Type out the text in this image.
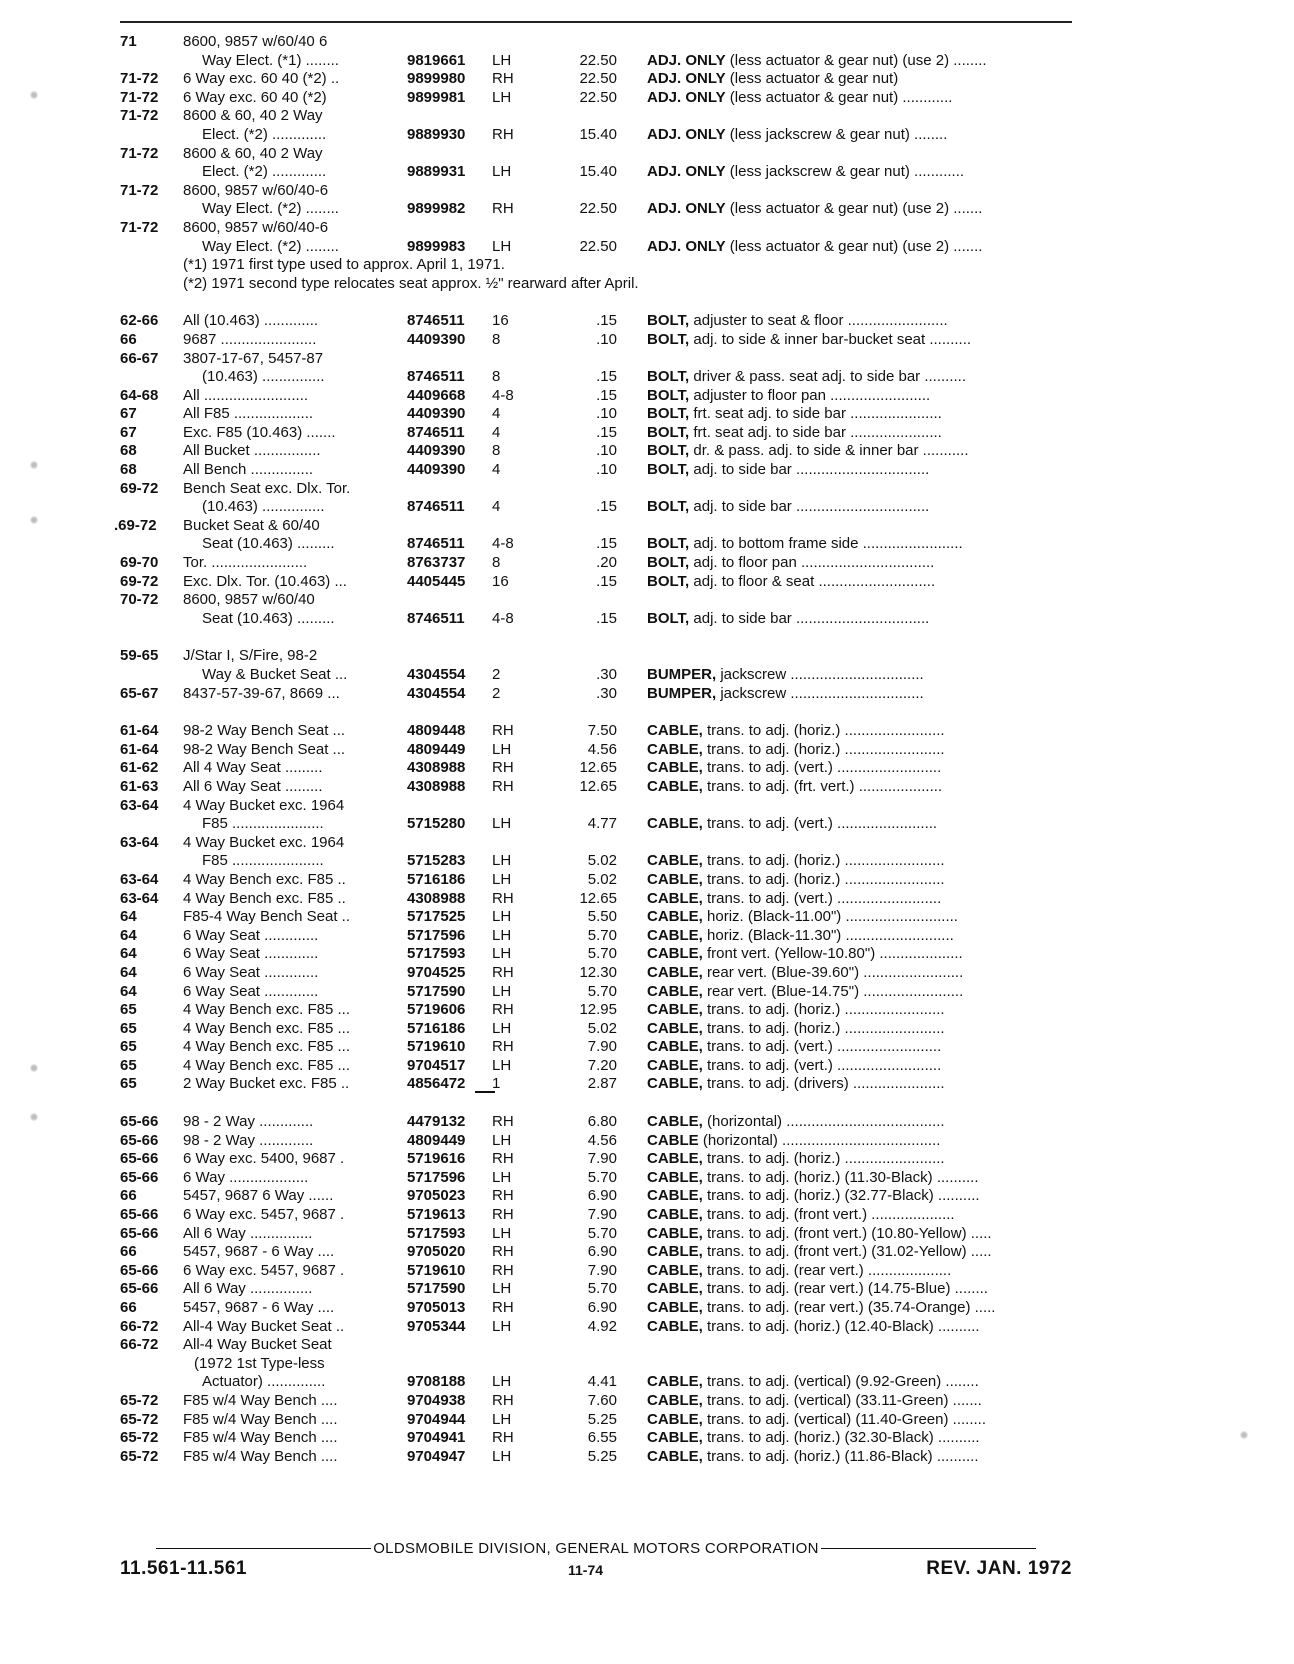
71	8600, 9857 w/60/40 6
Way Elect. (*1) ........	9819661	LH	22.50 ADJ. ONLY (less actuator & gear nut) (use 2) ........
71-72 6 Way exc. 60 40 (*2) ..	9899980	RH	22.50 ADJ. ONLY (less actuator & gear nut)
71-72 6 Way exc. 60 40 (*2)	9899981	LH	22.50 ADJ. ONLY (less actuator & gear nut) ............
71-72 8600 & 60, 40 2 Way
Elect. (*2) .............	9889930	RH	15.40 ADJ. ONLY (less jackscrew & gear nut) ........
71-72 8600 & 60, 40 2 Way
Elect. (*2) .............	9889931	LH	15.40 ADJ. ONLY (less jackscrew & gear nut) ............
71-72 8600, 9857 w/60/40-6
Way Elect. (*2) ........	9899982	RH	22.50 ADJ. ONLY (less actuator & gear nut) (use 2) .......
71-72 8600, 9857 w/60/40-6
Way Elect. (*2) ........	9899983	LH	22.50 ADJ. ONLY (less actuator & gear nut) (use 2) .......
(*1) 1971 first type used to approx. April 1, 1971.
(*2) 1971 second type relocates seat approx. ½" rearward after April.
62-66 All (10.463) .............	8746511	16	.15 BOLT, adjuster to seat & floor ........................
66	9687 .......................	4409390	8	.10 BOLT, adj. to side & inner bar-bucket seat ..........
66-67 3807-17-67, 5457-87
(10.463) ...............	8746511	8	.15 BOLT, driver & pass. seat adj. to side bar ..........
64-68 All .........................	4409668	4-8	.15 BOLT, adjuster to floor pan ........................
67	All F85 ...................	4409390	4	.10 BOLT, frt. seat adj. to side bar ......................
67	Exc. F85 (10.463) .......	8746511	4	.15 BOLT, frt. seat adj. to side bar ......................
68	All Bucket ................	4409390	8	.10 BOLT, dr. & pass. adj. to side & inner bar ...........
68	All Bench ...............	4409390	4	.10 BOLT, adj. to side bar ................................
69-72 Bench Seat exc. Dlx. Tor.
(10.463) ...............	8746511	4	.15 BOLT, adj. to side bar ................................
.69-72 Bucket Seat & 60/40
Seat (10.463) .........	8746511	4-8	.15 BOLT, adj. to bottom frame side ........................
69-70 Tor. .......................	8763737	8	.20 BOLT, adj. to floor pan ................................
69-72 Exc. Dlx. Tor. (10.463) ...	4405445	16	.15 BOLT, adj. to floor & seat ............................
70-72 8600, 9857 w/60/40
Seat (10.463) .........	8746511	4-8	.15 BOLT, adj. to side bar ................................
59-65 J/Star I, S/Fire, 98-2
Way & Bucket Seat ...	4304554	2	.30 BUMPER, jackscrew ................................
65-67 8437-57-39-67, 8669 ...	4304554	2	.30 BUMPER, jackscrew ................................
61-64 98-2 Way Bench Seat ...	4809448	RH	7.50 CABLE, trans. to adj. (horiz.) ........................
61-64 98-2 Way Bench Seat ...	4809449	LH	4.56 CABLE, trans. to adj. (horiz.) ........................
61-62 All 4 Way Seat .........	4308988	RH	12.65 CABLE, trans. to adj. (vert.) .........................
61-63 All 6 Way Seat .........	4308988	RH	12.65 CABLE, trans. to adj. (frt. vert.) ....................
63-64 4 Way Bucket exc. 1964
F85 ......................	5715280	LH	4.77 CABLE, trans. to adj. (vert.) ........................
63-64 4 Way Bucket exc. 1964
F85 ......................	5715283	LH	5.02 CABLE, trans. to adj. (horiz.) ........................
63-64 4 Way Bench exc. F85 ..	5716186	LH	5.02 CABLE, trans. to adj. (horiz.) ........................
63-64 4 Way Bench exc. F85 ..	4308988	RH	12.65 CABLE, trans. to adj. (vert.) .........................
64	F85-4 Way Bench Seat ..	5717525	LH	5.50 CABLE, horiz. (Black-11.00") ...........................
64	6 Way Seat .............	5717596	LH	5.70 CABLE, horiz. (Black-11.30") ..........................
64	6 Way Seat .............	5717593	LH	5.70 CABLE, front vert. (Yellow-10.80") ....................
64	6 Way Seat .............	9704525	RH	12.30 CABLE, rear vert. (Blue-39.60") ........................
64	6 Way Seat .............	5717590	LH	5.70 CABLE, rear vert. (Blue-14.75") ........................
65	4 Way Bench exc. F85 ...	5719606	RH	12.95 CABLE, trans. to adj. (horiz.) ........................
65	4 Way Bench exc. F85 ...	5716186	LH	5.02 CABLE, trans. to adj. (horiz.) ........................
65	4 Way Bench exc. F85 ...	5719610	RH	7.90 CABLE, trans. to adj. (vert.) .........................
65	4 Way Bench exc. F85 ...	9704517	LH	7.20 CABLE, trans. to adj. (vert.) .........................
65	2 Way Bucket exc. F85 ..	4856472	1	2.87 CABLE, trans. to adj. (drivers) ......................
65-66 98 - 2 Way .............	4479132	RH	6.80 CABLE, (horizontal) ......................................
65-66 98 - 2 Way .............	4809449	LH	4.56 CABLE (horizontal) ......................................
65-66 6 Way exc. 5400, 9687 .	5719616	RH	7.90 CABLE, trans. to adj. (horiz.) ........................
65-66 6 Way ...................	5717596	LH	5.70 CABLE, trans. to adj. (horiz.) (11.30-Black) ..........
66	5457, 9687 6 Way ......	9705023	RH	6.90 CABLE, trans. to adj. (horiz.) (32.77-Black) ..........
65-66 6 Way exc. 5457, 9687 .	5719613	RH	7.90 CABLE, trans. to adj. (front vert.) ....................
65-66 All 6 Way ...............	5717593	LH	5.70 CABLE, trans. to adj. (front vert.) (10.80-Yellow) .....
66	5457, 9687 - 6 Way ....	9705020	RH	6.90 CABLE, trans. to adj. (front vert.) (31.02-Yellow) .....
65-66 6 Way exc. 5457, 9687 .	5719610	RH	7.90 CABLE, trans. to adj. (rear vert.) ....................
65-66 All 6 Way ...............	5717590	LH	5.70 CABLE, trans. to adj. (rear vert.) (14.75-Blue) ........
66	5457, 9687 - 6 Way ....	9705013	RH	6.90 CABLE, trans. to adj. (rear vert.) (35.74-Orange) .....
66-72 All-4 Way Bucket Seat ..	9705344	LH	4.92 CABLE, trans. to adj. (horiz.) (12.40-Black) ..........
66-72 All-4 Way Bucket Seat
(1972 1st Type-less
Actuator) ..............	9708188	LH	4.41 CABLE, trans. to adj. (vertical) (9.92-Green) ........
65-72 F85 w/4 Way Bench ....	9704938	RH	7.60 CABLE, trans. to adj. (vertical) (33.11-Green) .......
65-72 F85 w/4 Way Bench ....	9704944	LH	5.25 CABLE, trans. to adj. (vertical) (11.40-Green) ........
65-72 F85 w/4 Way Bench ....	9704941	RH	6.55 CABLE, trans. to adj. (horiz.) (32.30-Black) ..........
65-72 F85 w/4 Way Bench ....	9704947	LH	5.25 CABLE, trans. to adj. (horiz.) (11.86-Black) ..........
OLDSMOBILE DIVISION, GENERAL MOTORS CORPORATION
11.561-11.561	11-74	REV. JAN. 1972
